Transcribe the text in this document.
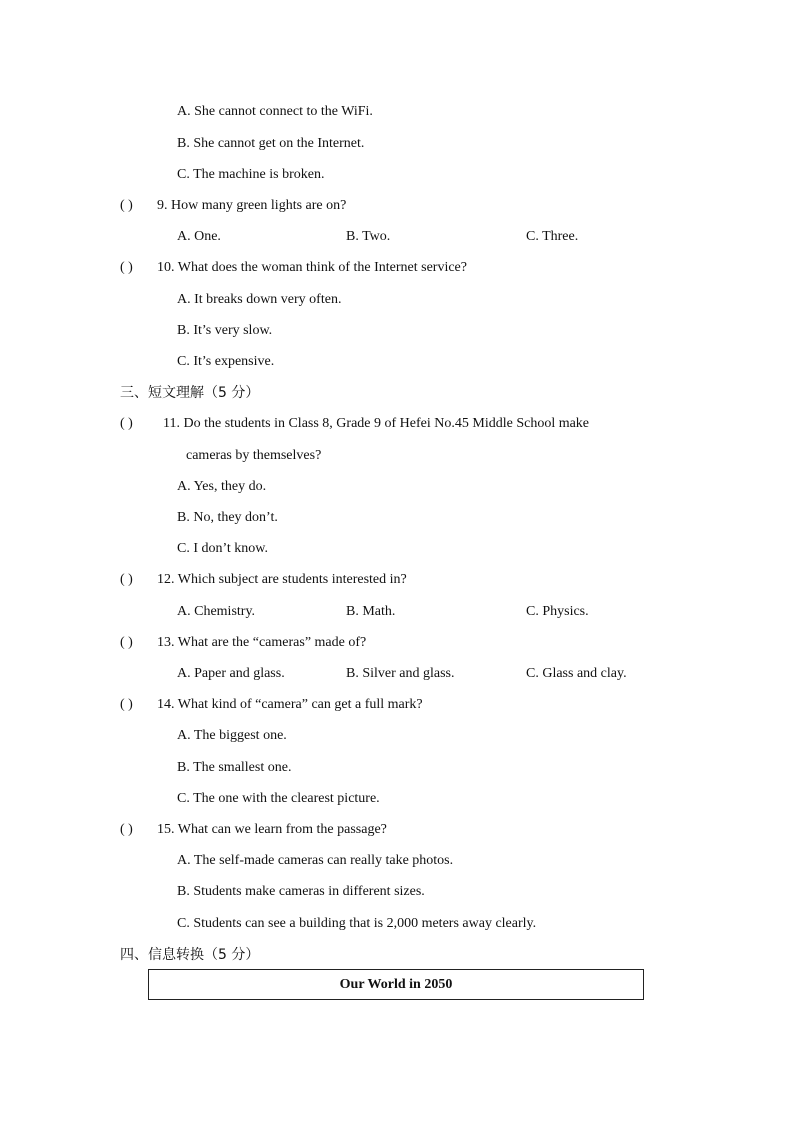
A. She cannot connect to the WiFi.
B. She cannot get on the Internet.
C. The machine is broken.
( ) 9. How many green lights are on?
A. One.	B. Two.	C. Three.
( ) 10. What does the woman think of the Internet service?
A. It breaks down very often.
B. It’s very slow.
C. It’s expensive.
三、短文理解（5 分）
( ) 11. Do the students in Class 8, Grade 9 of Hefei No.45 Middle School make
cameras by themselves?
A. Yes, they do.
B. No, they don’t.
C. I don’t know.
( ) 12. Which subject are students interested in?
A. Chemistry.	B. Math.	C. Physics.
( ) 13. What are the “cameras” made of?
A. Paper and glass.	B. Silver and glass.	C. Glass and clay.
( ) 14. What kind of “camera” can get a full mark?
A. The biggest one.
B. The smallest one.
C. The one with the clearest picture.
( ) 15. What can we learn from the passage?
A. The self-made cameras can really take photos.
B. Students make cameras in different sizes.
C. Students can see a building that is 2,000 meters away clearly.
四、信息转换（5 分）
Our World in 2050
